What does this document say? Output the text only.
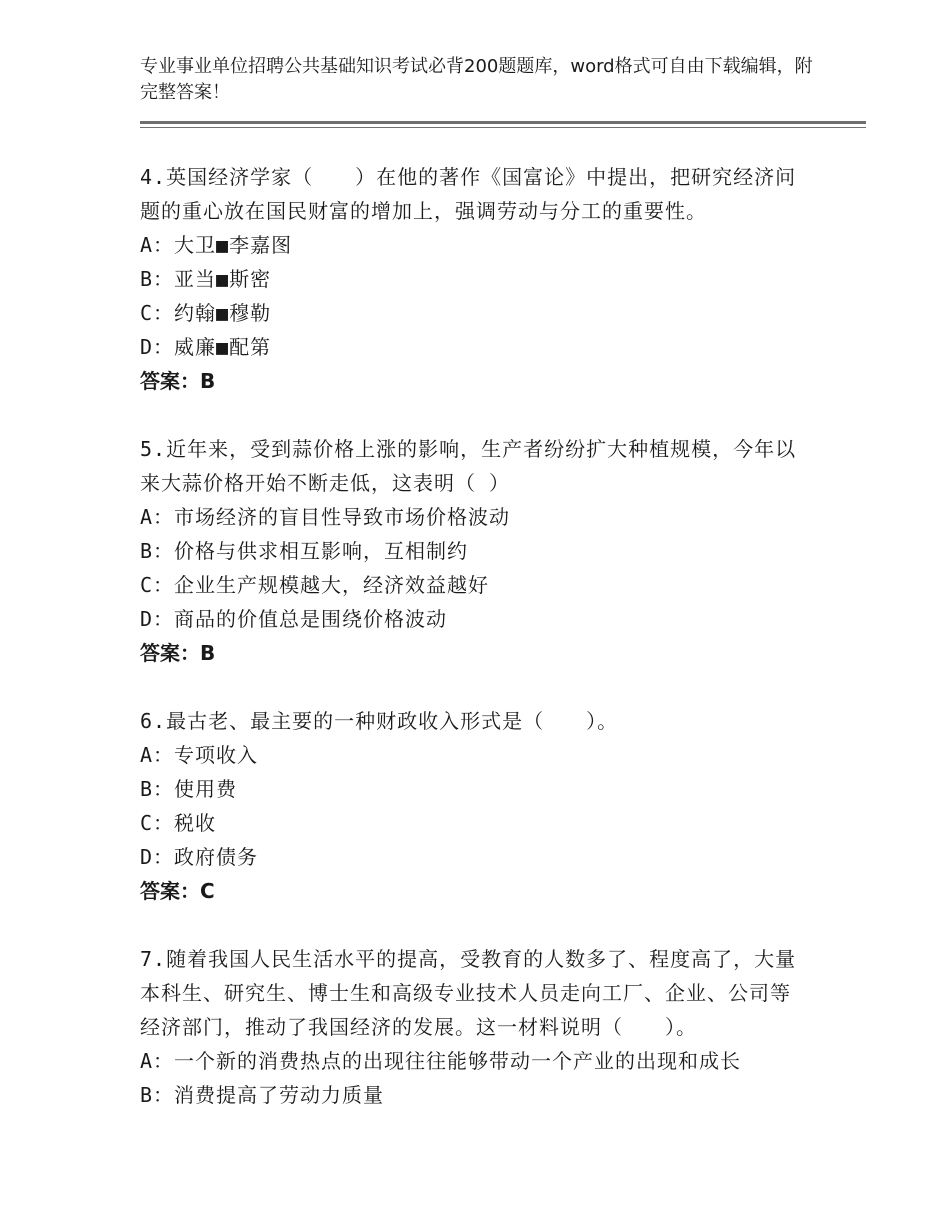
专业事业单位招聘公共基础知识考试必背200题题库，word格式可自由下载编辑，附完整答案！
4.英国经济学家（　　）在他的著作《国富论》中提出，把研究经济问题的重心放在国民财富的增加上，强调劳动与分工的重要性。
A：大卫■李嘉图
B：亚当■斯密
C：约翰■穆勒
D：威廉■配第
答案：B
5.近年来，受到蒜价格上涨的影响，生产者纷纷扩大种植规模，今年以来大蒜价格开始不断走低，这表明（ ）
A：市场经济的盲目性导致市场价格波动
B：价格与供求相互影响，互相制约
C：企业生产规模越大，经济效益越好
D：商品的价值总是围绕价格波动
答案：B
6.最古老、最主要的一种财政收入形式是（　　）。
A：专项收入
B：使用费
C：税收
D：政府债务
答案：C
7.随着我国人民生活水平的提高，受教育的人数多了、程度高了，大量本科生、研究生、博士生和高级专业技术人员走向工厂、企业、公司等经济部门，推动了我国经济的发展。这一材料说明（　　）。
A：一个新的消费热点的出现往往能够带动一个产业的出现和成长
B：消费提高了劳动力质量
